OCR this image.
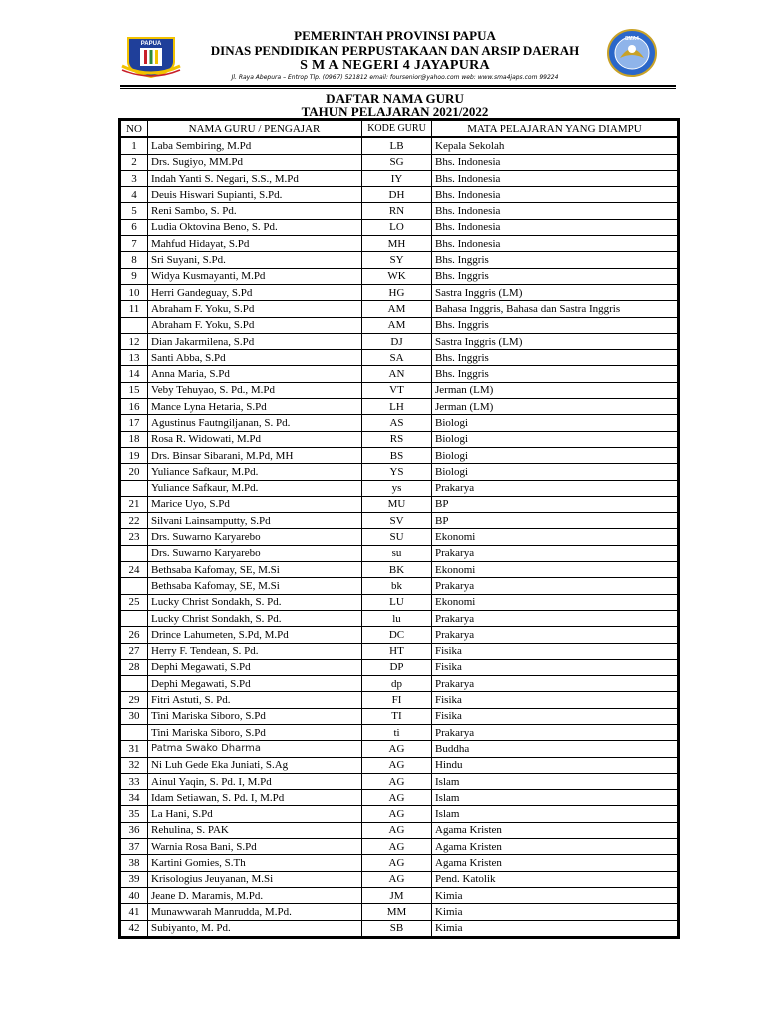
PAPUA
SMA4
PEMERINTAH PROVINSI PAPUA
DINAS PENDIDIKAN PERPUSTAKAAN DAN ARSIP DAERAH
S M A NEGERI 4 JAYAPURA
Jl. Raya Abepura – Entrop Tlp. (0967) 521812 email: foursenior@yahoo.com web: www.sma4japs.com 99224
DAFTAR NAMA GURU
TAHUN PELAJARAN 2021/2022
NO	NAMA GURU / PENGAJAR	KODE GURU	MATA PELAJARAN YANG DIAMPU
1	Laba Sembiring, M.Pd	LB	Kepala Sekolah
2	Drs. Sugiyo, MM.Pd	SG	Bhs. Indonesia
3	Indah Yanti S. Negari, S.S., M.Pd	IY	Bhs. Indonesia
4	Deuis Hiswari Supianti, S.Pd.	DH	Bhs. Indonesia
5	Reni Sambo, S. Pd.	RN	Bhs. Indonesia
6	Ludia Oktovina Beno, S. Pd.	LO	Bhs. Indonesia
7	Mahfud Hidayat, S.Pd	MH	Bhs. Indonesia
8	Sri Suyani, S.Pd.	SY	Bhs. Inggris
9	Widya Kusmayanti, M.Pd	WK	Bhs. Inggris
10	Herri Gandeguay, S.Pd	HG	Sastra Inggris (LM)
11	Abraham F. Yoku, S.Pd	AM	Bahasa Inggris, Bahasa dan Sastra Inggris
	Abraham F. Yoku, S.Pd	AM	Bhs. Inggris
12	Dian Jakarmilena, S.Pd	DJ	Sastra Inggris (LM)
13	Santi Abba, S.Pd	SA	Bhs. Inggris
14	Anna Maria, S.Pd	AN	Bhs. Inggris
15	Veby Tehuyao, S. Pd., M.Pd	VT	Jerman (LM)
16	Mance Lyna Hetaria, S.Pd	LH	Jerman (LM)
17	Agustinus Fautngiljanan, S. Pd.	AS	Biologi
18	Rosa R. Widowati, M.Pd	RS	Biologi
19	Drs. Binsar Sibarani, M.Pd, MH	BS	Biologi
20	Yuliance Safkaur, M.Pd.	YS	Biologi
	Yuliance Safkaur, M.Pd.	ys	Prakarya
21	Marice Uyo, S.Pd	MU	BP
22	Silvani Lainsamputty, S.Pd	SV	BP
23	Drs. Suwarno Karyarebo	SU	Ekonomi
	Drs. Suwarno Karyarebo	su	Prakarya
24	Bethsaba Kafomay, SE, M.Si	BK	Ekonomi
	Bethsaba Kafomay, SE, M.Si	bk	Prakarya
25	Lucky Christ Sondakh, S. Pd.	LU	Ekonomi
	Lucky Christ Sondakh, S. Pd.	lu	Prakarya
26	Drince Lahumeten, S.Pd, M.Pd	DC	Prakarya
27	Herry F. Tendean, S. Pd.	HT	Fisika
28	Dephi Megawati, S.Pd	DP	Fisika
	Dephi Megawati, S.Pd	dp	Prakarya
29	Fitri Astuti, S. Pd.	FI	Fisika
30	Tini Mariska Siboro, S.Pd	TI	Fisika
	Tini Mariska Siboro, S.Pd	ti	Prakarya
31	Patma Swako Dharma	AG	Buddha
32	Ni Luh Gede Eka Juniati, S.Ag	AG	Hindu
33	Ainul Yaqin, S. Pd. I, M.Pd	AG	Islam
34	Idam Setiawan, S. Pd. I, M.Pd	AG	Islam
35	La Hani, S.Pd	AG	Islam
36	Rehulina, S. PAK	AG	Agama Kristen
37	Warnia Rosa Bani, S.Pd	AG	Agama Kristen
38	Kartini Gomies, S.Th	AG	Agama Kristen
39	Krisologius Jeuyanan, M.Si	AG	Pend. Katolik
40	Jeane D. Maramis, M.Pd.	JM	Kimia
41	Munawwarah Manrudda, M.Pd.	MM	Kimia
42	Subiyanto, M. Pd.	SB	Kimia
